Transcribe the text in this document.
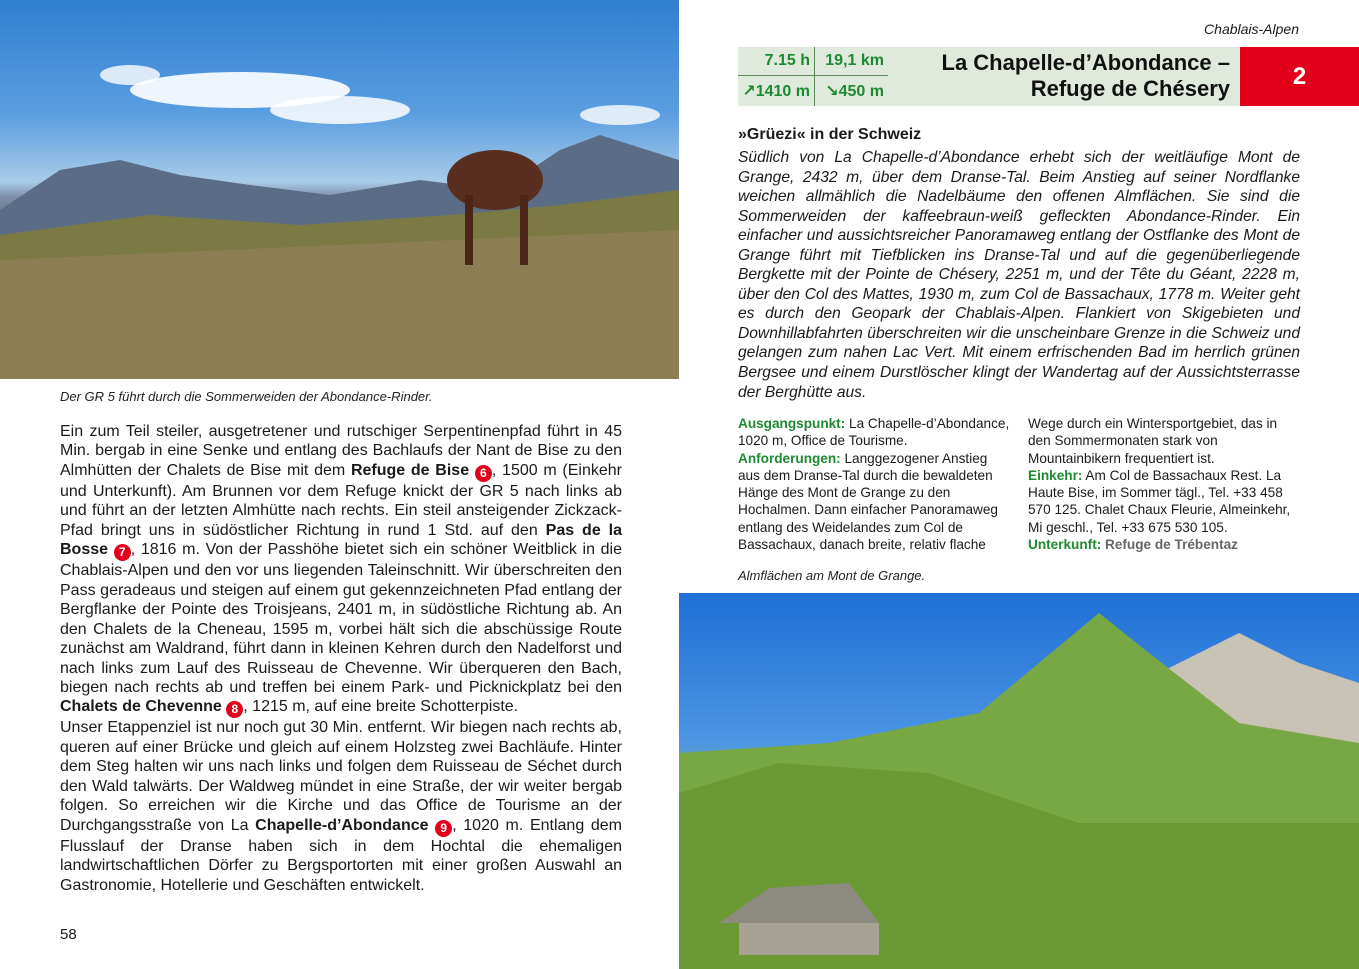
Der GR 5 führt durch die Sommerweiden der Abondance-Rinder.
Ein zum Teil steiler, ausgetretener und rutschiger Serpentinenpfad führt in 45 Min. bergab in eine Senke und entlang des Bachlaufs der Nant de Bise zu den Almhütten der Chalets de Bise mit dem Refuge de Bise 6 , 1500 m (Einkehr und Unterkunft). Am Brunnen vor dem Refuge knickt der GR 5 nach links ab und führt an der letzten Almhütte nach rechts. Ein steil ansteigender Zickzack-Pfad bringt uns in südöstlicher Richtung in rund 1 Std. auf den Pas de la Bosse 7 , 1816 m. Von der Passhöhe bietet sich ein schöner Weitblick in die Chablais-Alpen und den vor uns liegenden Taleinschnitt. Wir überschreiten den Pass geradeaus und steigen auf einem gut gekennzeichneten Pfad entlang der Bergflanke der Pointe des Troisjeans, 2401 m, in südöstliche Richtung ab. An den Chalets de la Cheneau, 1595 m, vorbei hält sich die abschüssige Route zunächst am Waldrand, führt dann in kleinen Kehren durch den Nadelforst und nach links zum Lauf des Ruisseau de Chevenne. Wir überqueren den Bach, biegen nach rechts ab und treffen bei einem Park- und Picknickplatz bei den Chalets de Chevenne 8 , 1215 m, auf eine breite Schotterpiste.
Unser Etappenziel ist nur noch gut 30 Min. entfernt. Wir biegen nach rechts ab, queren auf einer Brücke und gleich auf einem Holzsteg zwei Bachläufe. Hinter dem Steg halten wir uns nach links und folgen dem Ruisseau de Séchet durch den Wald talwärts. Der Waldweg mündet in eine Straße, der wir weiter bergab folgen. So erreichen wir die Kirche und das Office de Tourisme an der Durchgangsstraße von La Chapelle-d’Abondance 9 , 1020 m. Entlang dem Flusslauf der Dranse haben sich in dem Hochtal die ehemaligen landwirtschaftlichen Dörfer zu Bergsportorten mit einer großen Auswahl an Gastronomie, Hotellerie und Geschäften entwickelt.
58
Chablais-Alpen
7.15 h 19,1 km
↗1410 m ↘450 m
La Chapelle-d’Abondance –
Refuge de Chésery	2
»Grüezi« in der Schweiz
Südlich von La Chapelle-d’Abondance erhebt sich der weitläufige Mont de Grange, 2432 m, über dem Dranse-Tal. Beim Anstieg auf seiner Nordflanke weichen allmählich die Nadelbäume den offenen Almflächen. Sie sind die Sommerweiden der kaffeebraun-weiß gefleckten Abondance-Rinder. Ein einfacher und aussichtsreicher Panoramaweg entlang der Ostflanke des Mont de Grange führt mit Tiefblicken ins Dranse-Tal und auf die gegenüberliegende Bergkette mit der Pointe de Chésery, 2251 m, und der Tête du Géant, 2228 m, über den Col des Mattes, 1930 m, zum Col de Bassachaux, 1778 m. Weiter geht es durch den Geopark der Chablais-Alpen. Flankiert von Skigebieten und Downhillabfahrten überschreiten wir die unscheinbare Grenze in die Schweiz und gelangen zum nahen Lac Vert. Mit einem erfrischenden Bad im herrlich grünen Bergsee und einem Durstlöscher klingt der Wandertag auf der Aussichtsterrasse der Berghütte aus.
Ausgangspunkt: La Chapelle-d’Abondance, 1020 m, Office de Tourisme.
Anforderungen: Langgezogener Anstieg aus dem Dranse-Tal durch die bewaldeten Hänge des Mont de Grange zu den Hochalmen. Dann einfacher Panoramaweg entlang des Weidelandes zum Col de Bassachaux, danach breite, relativ flache Wege durch ein Wintersportgebiet, das in den Sommermonaten stark von Mountainbikern frequentiert ist.
Einkehr: Am Col de Bassachaux Rest. La Haute Bise, im Sommer tägl., Tel. +33 458 570 125. Chalet Chaux Fleurie, Almeinkehr, Mi geschl., Tel. +33 675 530 105.
Unterkunft: Refuge de Trébentaz
Almflächen am Mont de Grange.
